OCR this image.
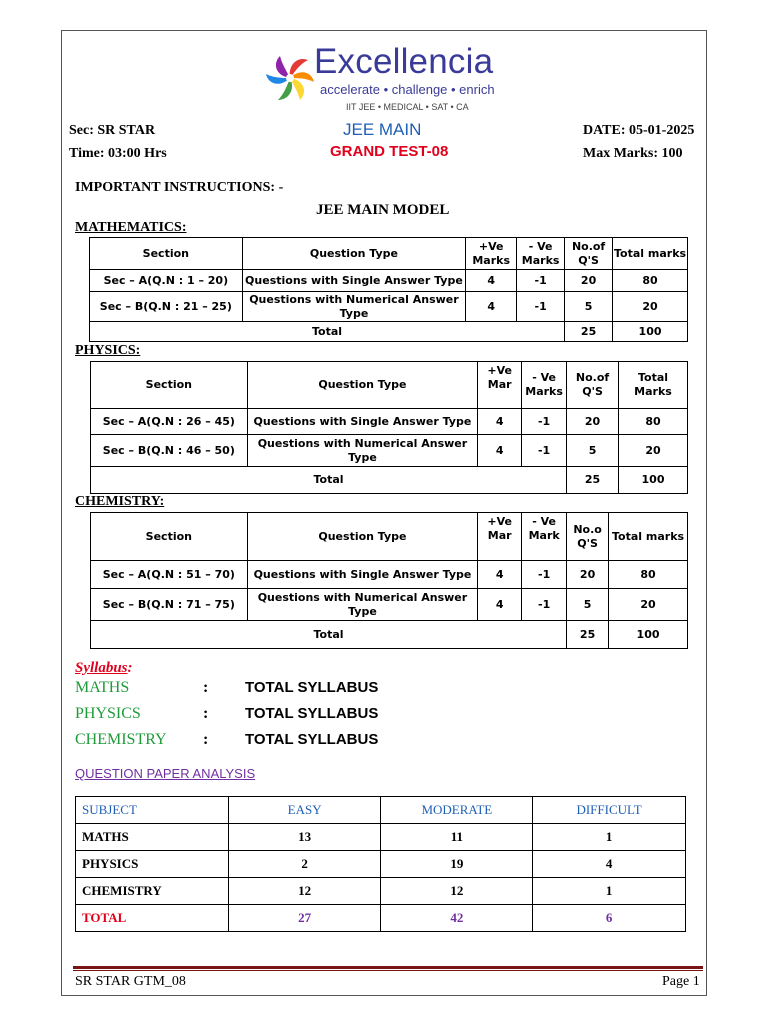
Excellencia
accelerate • challenge • enrich
IIT JEE • MEDICAL • SAT • CA
Sec: SR STAR
Time: 03:00 Hrs
JEE MAIN
GRAND TEST-08
DATE: 05-01-2025
Max Marks: 100
IMPORTANT INSTRUCTIONS: -
JEE MAIN MODEL
MATHEMATICS:
Section	Question Type	+Ve Marks	- Ve Marks	No.of Q'S	Total marks
Sec – A(Q.N : 1 – 20)	Questions with Single Answer Type	4	-1	20	80
Sec – B(Q.N : 21 – 25)	Questions with Numerical Answer Type	4	-1	5	20
Total				25	100
PHYSICS:
Section	Question Type	+Ve Mar	- Ve Marks	No.of Q'S	Total Marks
Sec – A(Q.N : 26 – 45)	Questions with Single Answer Type	4	-1	20	80
Sec – B(Q.N : 46 – 50)	Questions with Numerical Answer Type	4	-1	5	20
Total				25	100
CHEMISTRY:
Section	Question Type	+Ve Mar	- Ve Mark	No.o Q'S	Total marks
Sec – A(Q.N : 51 – 70)	Questions with Single Answer Type	4	-1	20	80
Sec – B(Q.N : 71 – 75)	Questions with Numerical Answer Type	4	-1	5	20
Total				25	100
Syllabus:
MATHS	: TOTAL SYLLABUS
PHYSICS	: TOTAL SYLLABUS
CHEMISTRY : TOTAL SYLLABUS
QUESTION PAPER ANALYSIS
SUBJECT	EASY	MODERATE	DIFFICULT
MATHS	13	11	1
PHYSICS	2	19	4
CHEMISTRY	12	12	1
TOTAL	27	42	6
SR STAR GTM_08	Page 1
